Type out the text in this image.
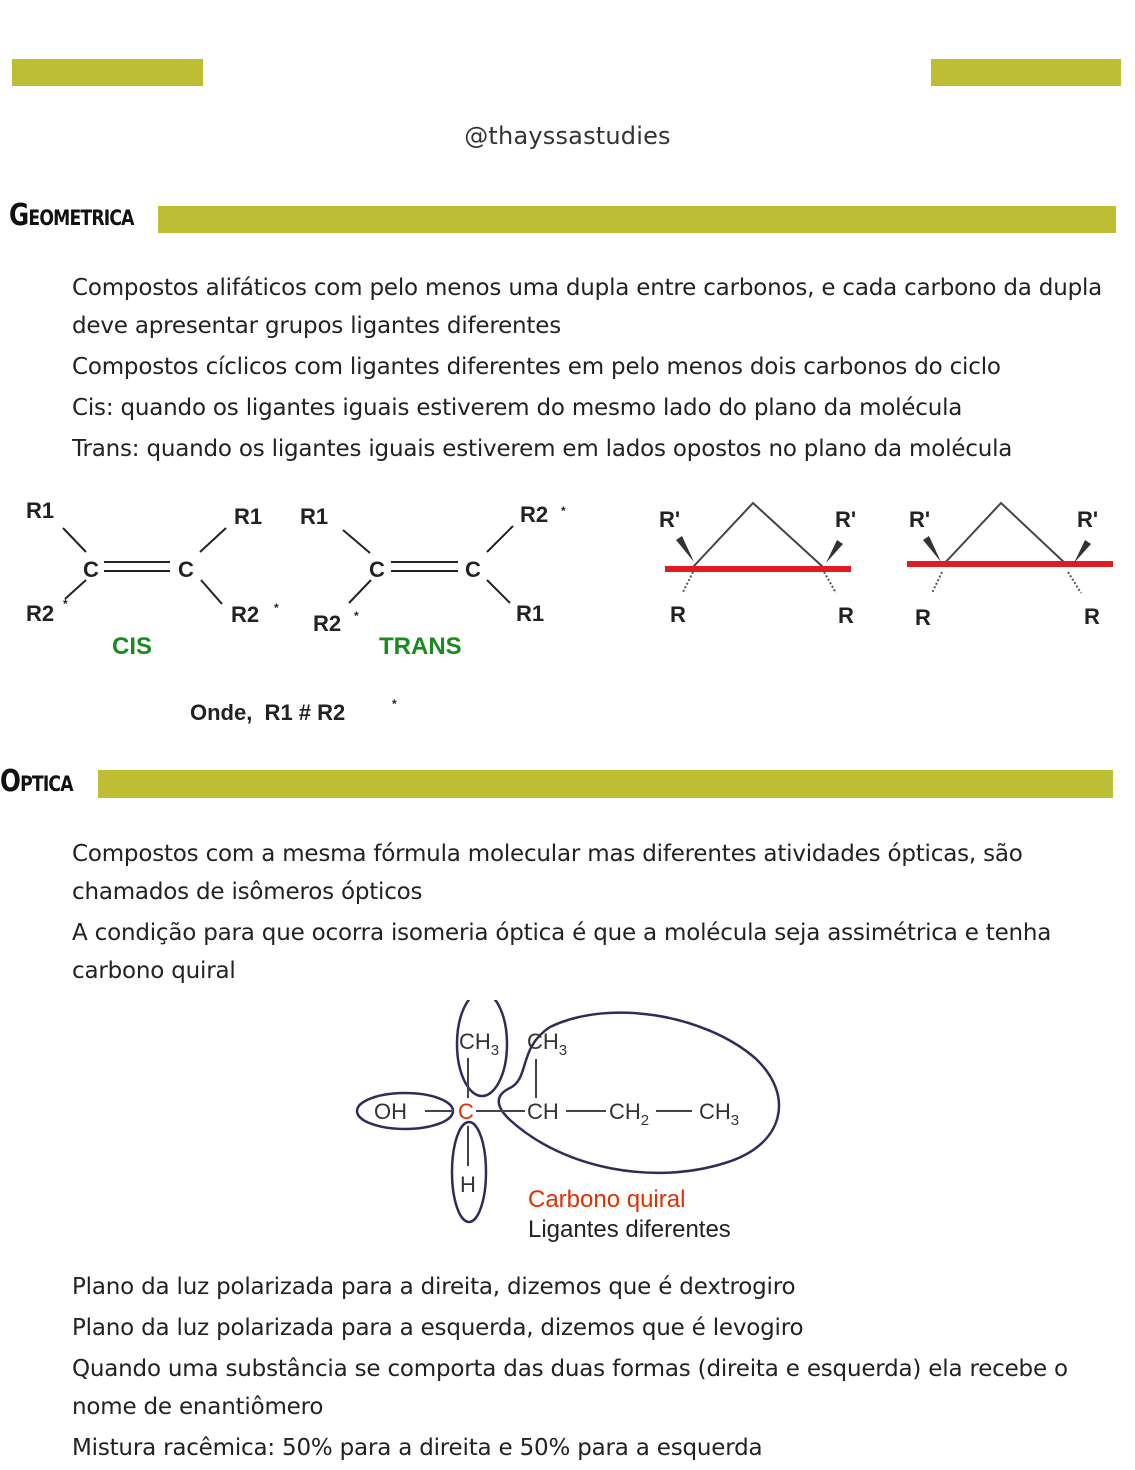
@thayssastudies
Geometrica

Compostos alifáticos com pelo menos uma dupla entre carbonos, e cada carbono da dupla deve apresentar grupos ligantes diferentes

Compostos cíclicos com ligantes diferentes em pelo menos dois carbonos do ciclo

Cis: quando os ligantes iguais estiverem do mesmo lado do plano da molécula

Trans: quando os ligantes iguais estiverem em lados opostos no plano da molécula

R1	R1
R2 *	R2 *
C	C
R1	R2 *
R2 *	R1
C	C
CIS	TRANS
Onde,  R1 # R2	*
R'	R'
R	R
R'	R'
R	R
Optica

Compostos com a mesma fórmula molecular mas diferentes atividades ópticas, são chamados de isômeros ópticos

A condição para que ocorra isomeria óptica é que a molécula seja assimétrica e tenha carbono quiral

OH C
$CH_3$ $CH_3$
CH $CH_2$ $CH_3$
H
Carbono quiral
Ligantes diferentes

Plano da luz polarizada para a direita, dizemos que é dextrogiro

Plano da luz polarizada para a esquerda, dizemos que é levogiro

Quando uma substância se comporta das duas formas (direita e esquerda) ela recebe o nome de enantiômero

Mistura racêmica: 50% para a direita e 50% para a esquerda
